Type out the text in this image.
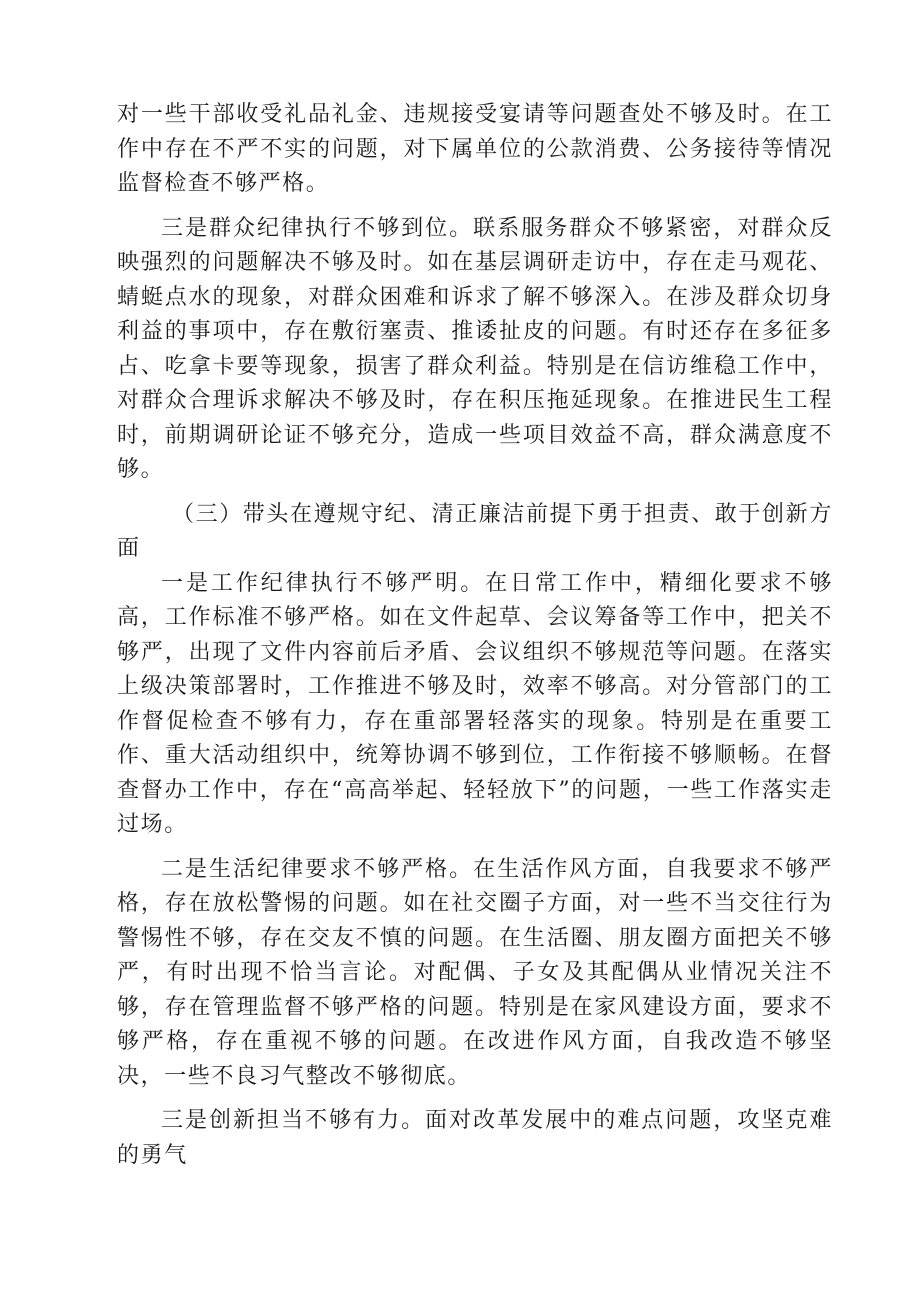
对一些干部收受礼品礼金、违规接受宴请等问题查处不够及时。在工作中存在不严不实的问题，对下属单位的公款消费、公务接待等情况监督检查不够严格。

三是群众纪律执行不够到位。联系服务群众不够紧密，对群众反映强烈的问题解决不够及时。如在基层调研走访中，存在走马观花、蜻蜓点水的现象，对群众困难和诉求了解不够深入。在涉及群众切身利益的事项中，存在敷衍塞责、推诿扯皮的问题。有时还存在多征多占、吃拿卡要等现象，损害了群众利益。特别是在信访维稳工作中，对群众合理诉求解决不够及时，存在积压拖延现象。在推进民生工程时，前期调研论证不够充分，造成一些项目效益不高，群众满意度不够。

（三）带头在遵规守纪、清正廉洁前提下勇于担责、敢于创新方面

一是工作纪律执行不够严明。在日常工作中，精细化要求不够高，工作标准不够严格。如在文件起草、会议筹备等工作中，把关不够严，出现了文件内容前后矛盾、会议组织不够规范等问题。在落实上级决策部署时，工作推进不够及时，效率不够高。对分管部门的工作督促检查不够有力，存在重部署轻落实的现象。特别是在重要工作、重大活动组织中，统筹协调不够到位，工作衔接不够顺畅。在督查督办工作中，存在“高高举起、轻轻放下”的问题，一些工作落实走过场。

二是生活纪律要求不够严格。在生活作风方面，自我要求不够严格，存在放松警惕的问题。如在社交圈子方面，对一些不当交往行为警惕性不够，存在交友不慎的问题。在生活圈、朋友圈方面把关不够严，有时出现不恰当言论。对配偶、子女及其配偶从业情况关注不够，存在管理监督不够严格的问题。特别是在家风建设方面，要求不够严格，存在重视不够的问题。在改进作风方面，自我改造不够坚决，一些不良习气整改不够彻底。

三是创新担当不够有力。面对改革发展中的难点问题，攻坚克难的勇气
